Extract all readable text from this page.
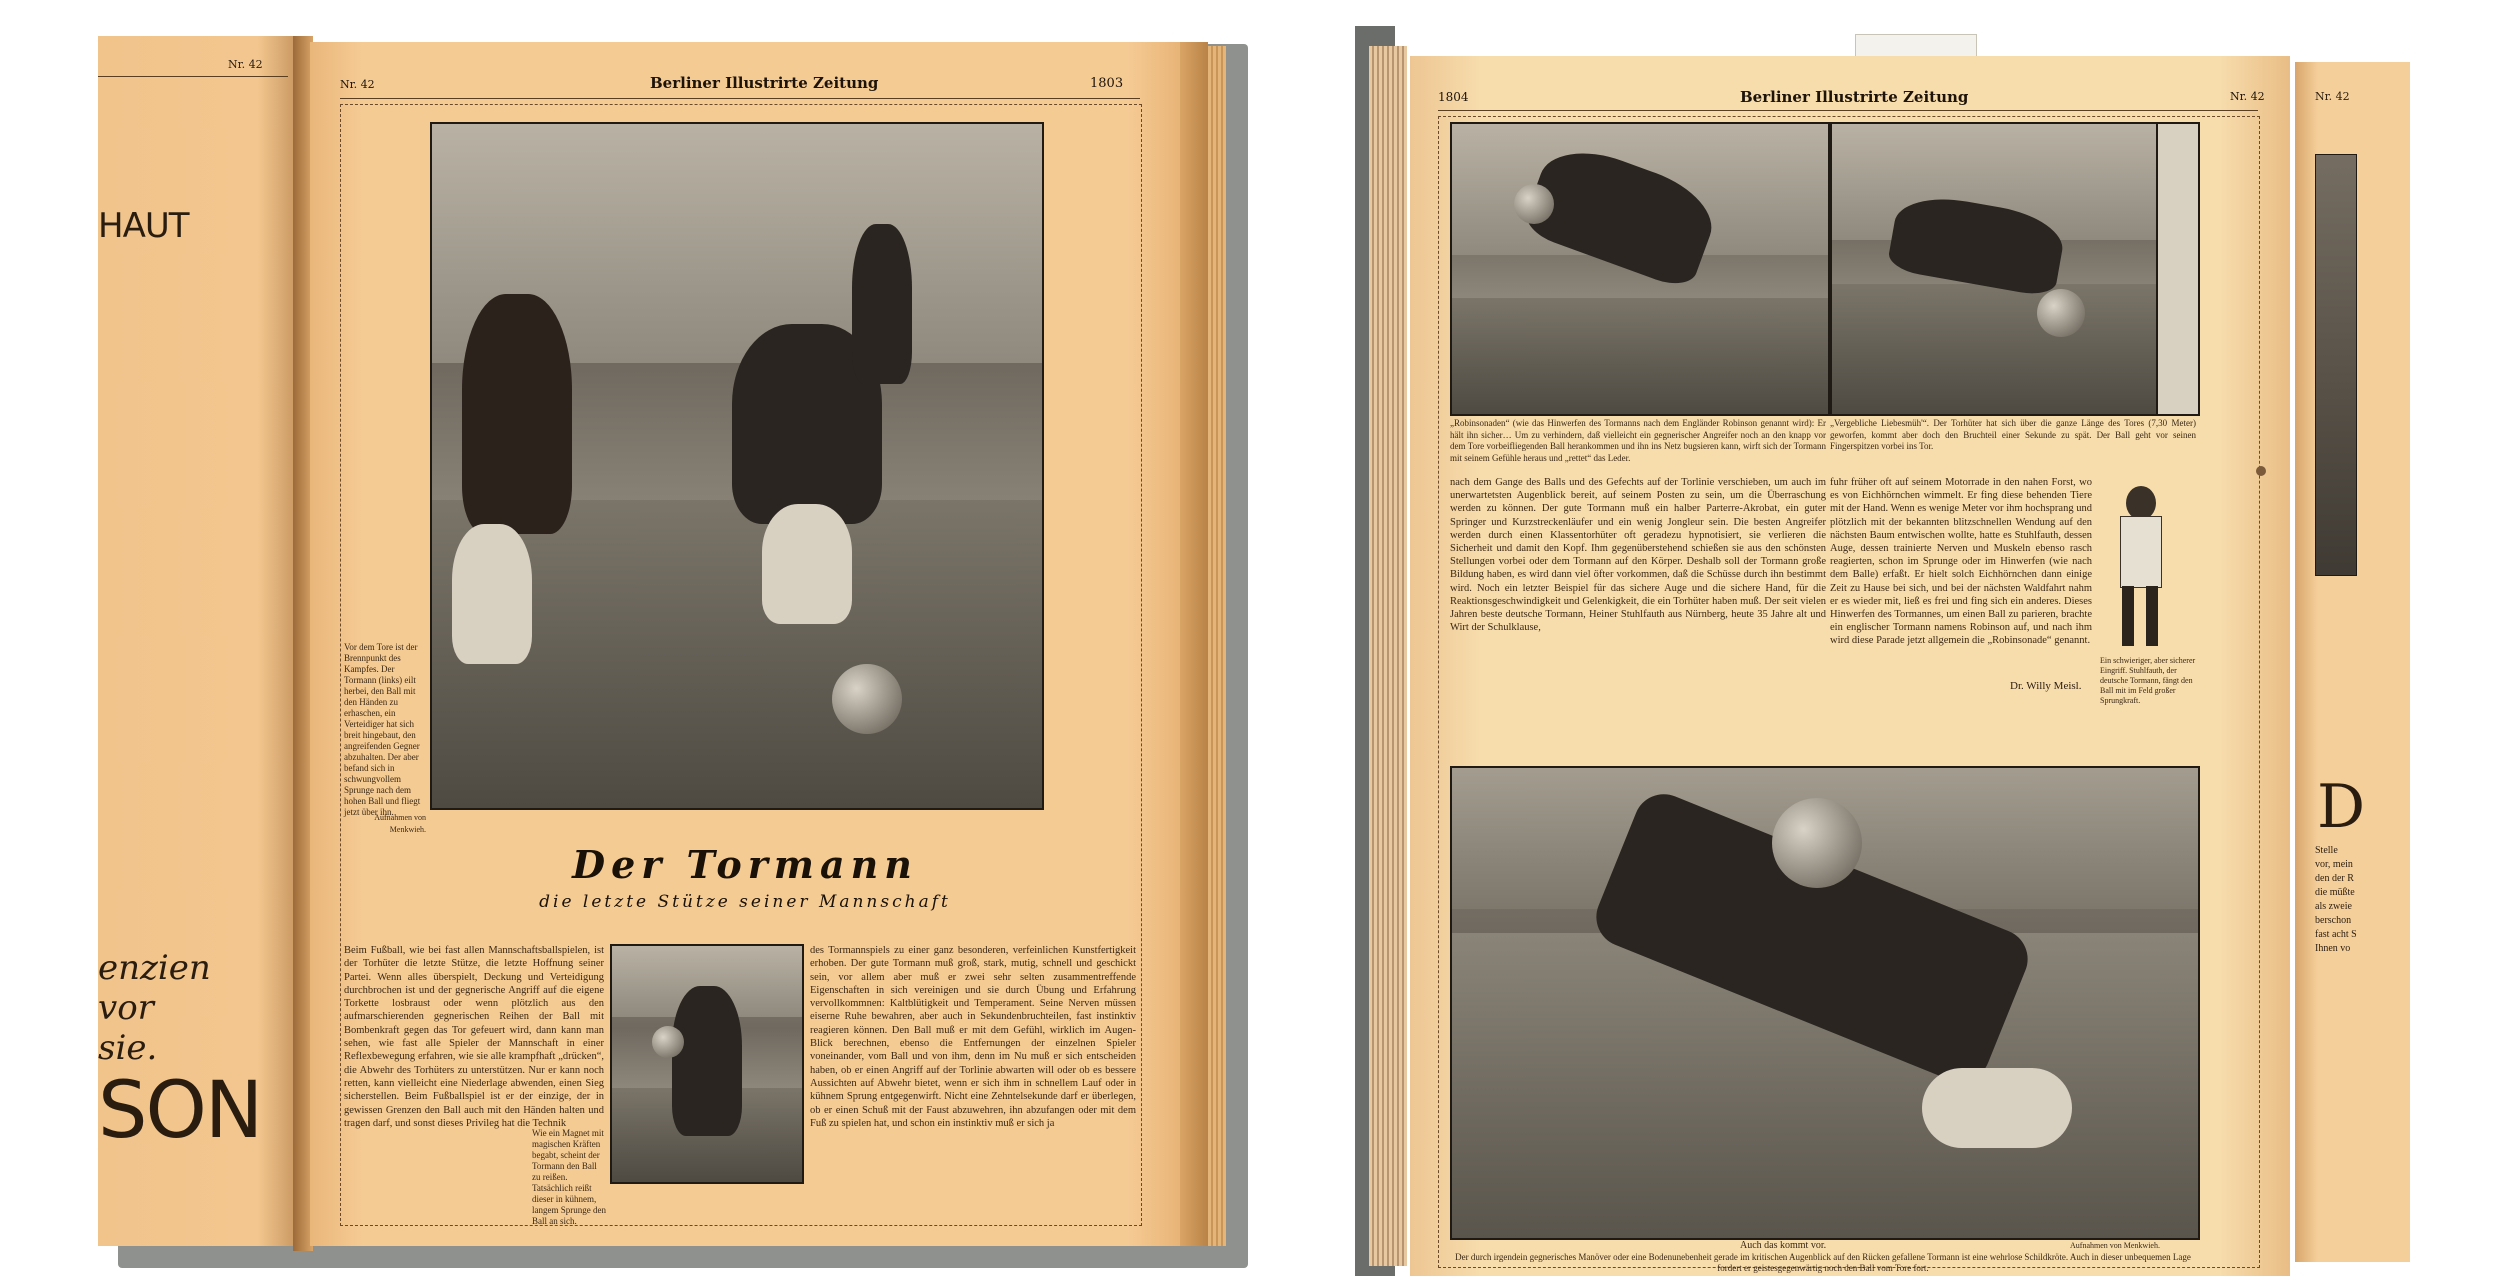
Nr. 42
HAUT
enzien
vor
sie.
SON
Nr. 42	Berliner Illustrirte Zeitung	1803
Vor dem Tore ist der Brennpunkt des Kampfes. Der Tormann (links) eilt herbei, den Ball mit den Händen zu erhaschen, ein Verteidiger hat sich breit hingebaut, den angreifenden Gegner abzuhalten. Der aber befand sich in schwungvollem Sprunge nach dem hohen Ball und fliegt jetzt über ihn.
Aufnahmen von Menkwieh.
Der Tormann
die letzte Stütze seiner Mannschaft
Beim Fußball, wie bei fast allen Mannschaftsballspielen, ist der Torhüter die letzte Stütze, die letzte Hoffnung seiner Partei. Wenn alles überspielt, Deckung und Verteidigung durchbrochen ist und der gegnerische Angriff auf die eigene Torkette losbraust oder wenn plötzlich aus den aufmarschierenden gegnerischen Reihen der Ball mit Bombenkraft gegen das Tor gefeuert wird, dann kann man sehen, wie fast alle Spieler der Mannschaft in einer Reflexbewegung erfahren, wie sie alle krampfhaft „drücken“, die Abwehr des Torhüters zu unterstützen. Nur er kann noch retten, kann vielleicht eine Niederlage abwenden, einen Sieg sicherstellen. Beim Fußballspiel ist er der einzige, der in gewissen Grenzen den Ball auch mit den Händen halten und tragen darf, und sonst dieses Privileg hat die Technik
Wie ein Magnet mit magischen Kräften begabt, scheint der Tormann den Ball zu reißen. Tatsächlich reißt dieser in kühnem, langem Sprunge den Ball an sich.
des Tormannspiels zu einer ganz besonderen, verfeinlichen Kunstfertigkeit erhoben. Der gute Tormann muß groß, stark, mutig, schnell und geschickt sein, vor allem aber muß er zwei sehr selten zusammentreffende Eigenschaften in sich vereinigen und sie durch Übung und Erfahrung vervollkommnen: Kaltblütigkeit und Temperament. Seine Nerven müssen eiserne Ruhe bewahren, aber auch in Sekundenbruchteilen, fast instinktiv reagieren können. Den Ball muß er mit dem Gefühl, wirklich im Augen-Blick berechnen, ebenso die Entfernungen der einzelnen Spieler voneinander, vom Ball und von ihm, denn im Nu muß er sich entscheiden haben, ob er einen Angriff auf der Torlinie abwarten will oder ob es bessere Aussichten auf Abwehr bietet, wenn er sich ihm in schnellem Lauf oder in kühnem Sprung entgegenwirft. Nicht eine Zehntelsekunde darf er überlegen, ob er einen Schuß mit der Faust abzuwehren, ihn abzufangen oder mit dem Fuß zu spielen hat, und schon ein instinktiv muß er sich ja
1804	Berliner Illustrirte Zeitung	Nr. 42
„Robinsonaden“ (wie das Hinwerfen des Tormanns nach dem Engländer Robinson genannt wird): Er hält ihn sicher… Um zu verhindern, daß vielleicht ein gegnerischer Angreifer noch an den knapp vor dem Tore vorbeifliegenden Ball herankommen und ihn ins Netz bugsieren kann, wirft sich der Tormann mit seinem Gefühle heraus und „rettet“ das Leder.
„Vergebliche Liebesmüh'“. Der Torhüter hat sich über die ganze Länge des Tores (7,30 Meter) geworfen, kommt aber doch den Bruchteil einer Sekunde zu spät. Der Ball geht vor seinen Fingerspitzen vorbei ins Tor.
nach dem Gange des Balls und des Gefechts auf der Torlinie verschieben, um auch im unerwartetsten Augenblick bereit, auf seinem Posten zu sein, um die Überraschung werden zu können. Der gute Tormann muß ein halber Parterre-Akrobat, ein guter Springer und Kurzstreckenläufer und ein wenig Jongleur sein. Die besten Angreifer werden durch einen Klassentorhüter oft geradezu hypnotisiert, sie verlieren die Sicherheit und damit den Kopf. Ihm gegenüberstehend schießen sie aus den schönsten Stellungen vorbei oder dem Tormann auf den Körper. Deshalb soll der Tormann große Bildung haben, es wird dann viel öfter vorkommen, daß die Schüsse durch ihn bestimmt wird. Noch ein letzter Beispiel für das sichere Auge und die sichere Hand, für die Reaktionsgeschwindigkeit und Gelenkigkeit, die ein Torhüter haben muß. Der seit vielen Jahren beste deutsche Tormann, Heiner Stuhlfauth aus Nürnberg, heute 35 Jahre alt und Wirt der Schulklause,
fuhr früher oft auf seinem Motorrade in den nahen Forst, wo es von Eichhörnchen wimmelt. Er fing diese behenden Tiere mit der Hand. Wenn es wenige Meter vor ihm hochsprang und plötzlich mit der bekannten blitzschnellen Wendung auf den nächsten Baum entwischen wollte, hatte es Stuhlfauth, dessen Auge, dessen trainierte Nerven und Muskeln ebenso rasch reagierten, schon im Sprunge oder im Hinwerfen (wie nach dem Balle) erfaßt. Er hielt solch Eichhörnchen dann einige Zeit zu Hause bei sich, und bei der nächsten Waldfahrt nahm er es wieder mit, ließ es frei und fing sich ein anderes. Dieses Hinwerfen des Tormannes, um einen Ball zu parieren, brachte ein englischer Tormann namens Robinson auf, und nach ihm wird diese Parade jetzt allgemein die „Robinsonade“ genannt.
Dr. Willy Meisl.
Ein schwieriger, aber sicherer Eingriff. Stuhlfauth, der deutsche Tormann, fängt den Ball mit im Feld großer Sprungkraft.
Auch das kommt vor.	Aufnahmen von Menkwieh.
Der durch irgendein gegnerisches Manöver oder eine Bodenunebenheit gerade im kritischen Augenblick auf den Rücken gefallene Tormann ist eine wehrlose Schildkröte. Auch in dieser unbequemen Lage fordert er geistesgegenwärtig noch den Ball vom Tore fort.
Nr. 42
D
Stelle
vor, mein
den der R
die müßte
als zweie
berschon
fast acht S
Ihnen vo
